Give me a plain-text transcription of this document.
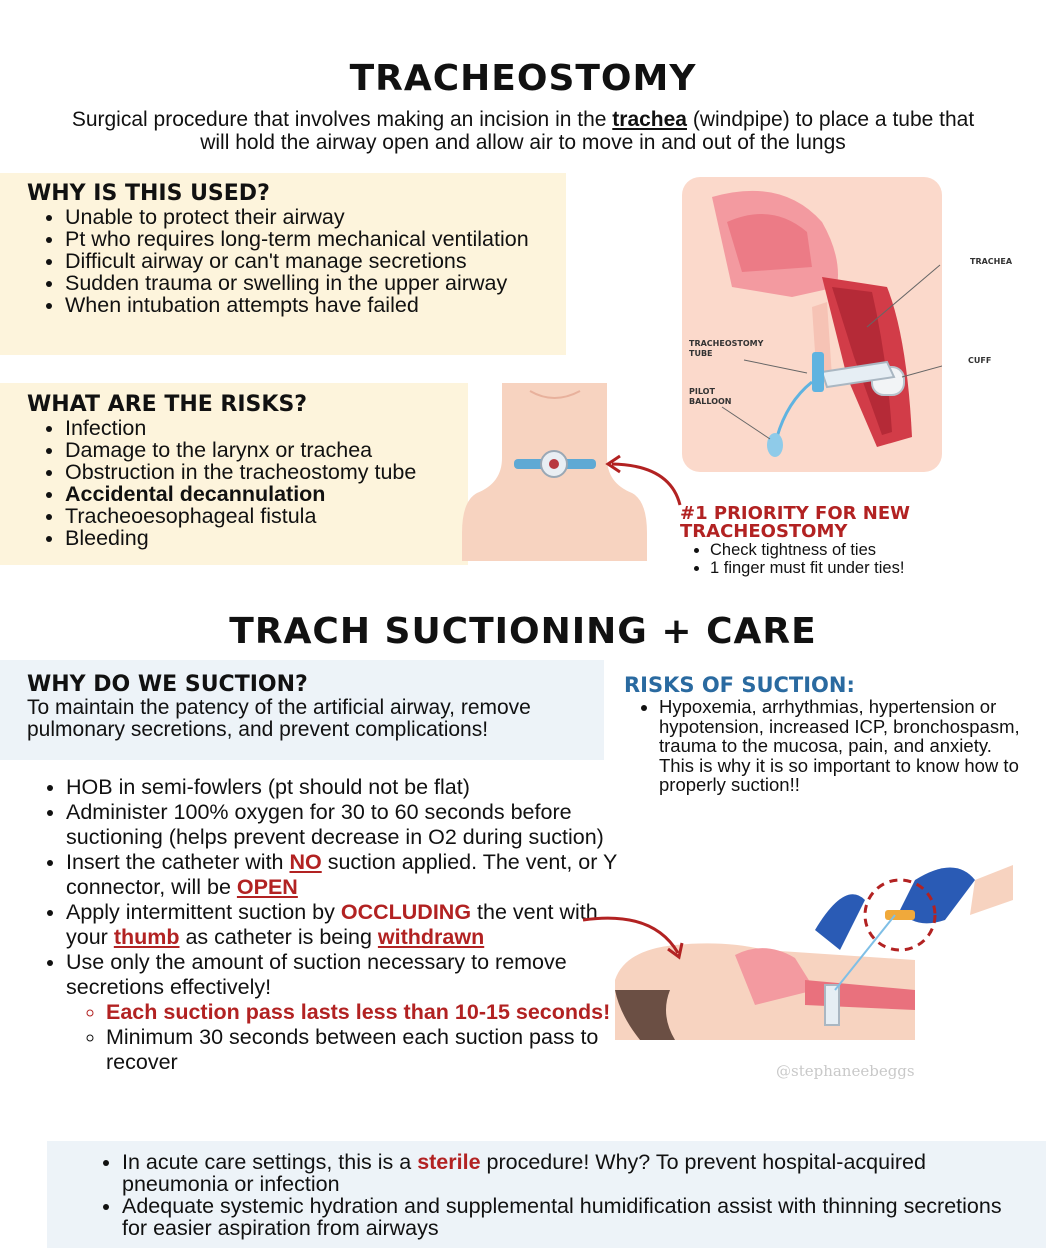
TRACHEOSTOMY
Surgical procedure that involves making an incision in the trachea (windpipe) to place a tube that will hold the airway open and allow air to move in and out of the lungs
WHY IS THIS USED?
• Unable to protect their airway
• Pt who requires long-term mechanical ventilation
• Difficult airway or can't manage secretions
• Sudden trauma or swelling in the upper airway
• When intubation attempts have failed
WHAT ARE THE RISKS?
• Infection
• Damage to the larynx or trachea
• Obstruction in the tracheostomy tube
• Accidental decannulation
• Tracheoesophageal fistula
• Bleeding
TRACHEA
CUFF
TRACHEOSTOMY
TUBE
PILOT
BALLOON
#1 PRIORITY FOR NEW
TRACHEOSTOMY
• Check tightness of ties
• 1 finger must fit under ties!
TRACH SUCTIONING + CARE
WHY DO WE SUCTION?
To maintain the patency of the artificial airway, remove pulmonary secretions, and prevent complications!
RISKS OF SUCTION:
• Hypoxemia, arrhythmias, hypertension or hypotension, increased ICP, bronchospasm, trauma to the mucosa, pain, and anxiety. This is why it is so important to know how to properly suction!!
• HOB in semi-fowlers (pt should not be flat)
• Administer 100% oxygen for 30 to 60 seconds before suctioning (helps prevent decrease in O2 during suction)
• Insert the catheter with NO suction applied. The vent, or Y connector, will be OPEN
• Apply intermittent suction by OCCLUDING the vent with your thumb as catheter is being withdrawn
• Use only the amount of suction necessary to remove secretions effectively!
◦ Each suction pass lasts less than 10-15 seconds!
◦ Minimum 30 seconds between each suction pass to recover	@stephaneebeggs
• In acute care settings, this is a sterile procedure! Why? To prevent hospital-acquired pneumonia or infection
• Adequate systemic hydration and supplemental humidification assist with thinning secretions for easier aspiration from airways
